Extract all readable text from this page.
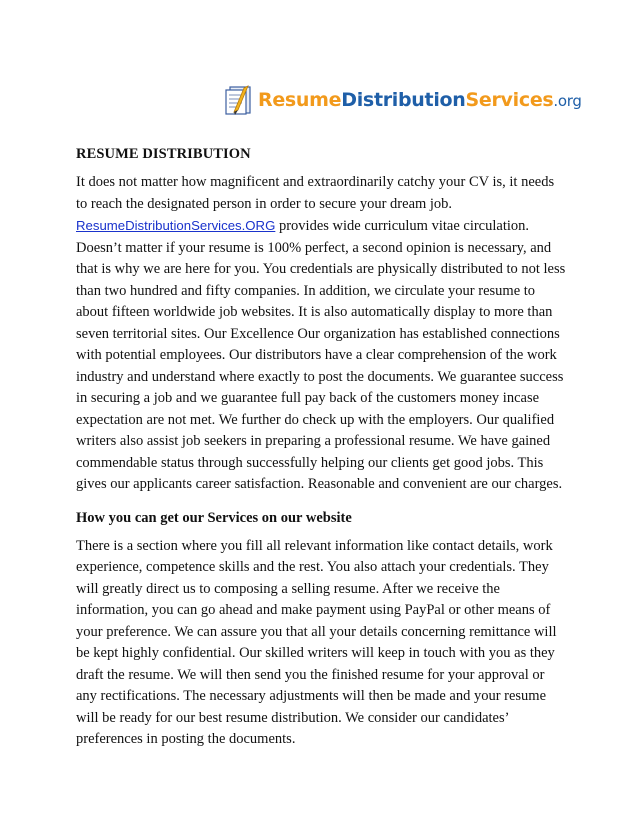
ResumeDistributionServices.org
RESUME DISTRIBUTION

It does not matter how magnificent and extraordinarily catchy your CV is, it needs to reach the designated person in order to secure your dream job.
ResumeDistributionServices.ORG provides wide curriculum vitae circulation. Doesn’t matter if your resume is 100% perfect, a second opinion is necessary, and that is why we are here for you. You credentials are physically distributed to not less than two hundred and fifty companies. In addition, we circulate your resume to about fifteen worldwide job websites. It is also automatically display to more than seven territorial sites. Our Excellence Our organization has established connections with potential employees. Our distributors have a clear comprehension of the work industry and understand where exactly to post the documents. We guarantee success in securing a job and we guarantee full pay back of the customers money incase expectation are not met. We further do check up with the employers. Our qualified writers also assist job seekers in preparing a professional resume. We have gained commendable status through successfully helping our clients get good jobs. This gives our applicants career satisfaction. Reasonable and convenient are our charges.

How you can get our Services on our website

There is a section where you fill all relevant information like contact details, work experience, competence skills and the rest. You also attach your credentials. They will greatly direct us to composing a selling resume. After we receive the information, you can go ahead and make payment using PayPal or other means of your preference. We can assure you that all your details concerning remittance will be kept highly confidential. Our skilled writers will keep in touch with you as they draft the resume. We will then send you the finished resume for your approval or any rectifications. The necessary adjustments will then be made and your resume will be ready for our best resume distribution. We consider our candidates’ preferences in posting the documents.
